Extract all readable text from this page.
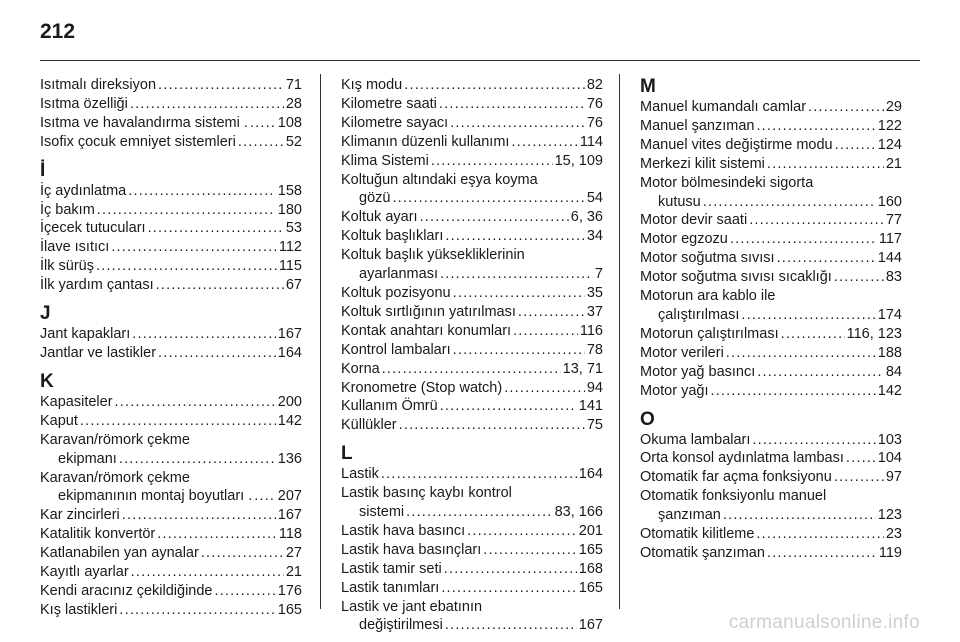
212
Isıtmalı direksiyon .....	71
Isıtma özelliği .....	28
Isıtma ve havalandırma sistemi . ..... 108
Isofix çocuk emniyet sistemleri .....	52
İ
İç aydınlatma .....	158
İç bakım .....	180
İçecek tutucuları .....	53
İlave ısıtıcı .....	112
İlk sürüş .....	115
İlk yardım çantası .....	67
J
Jant kapakları .....	167
Jantlar ve lastikler .....	164
K
Kapasiteler .....	200
Kaput .....	142
Karavan/römork çekme
ekipmanı .....	136
Karavan/römork çekme
ekipmanının montaj boyutları . ..... 207
Kar zincirleri .....	167
Katalitik konvertör .....	118
Katlanabilen yan aynalar .....	27
Kayıtlı ayarlar .....	21
Kendi aracınız çekildiğinde .....	176
Kış lastikleri .....	165
Kış modu .....	82
Kilometre saati .....	76
Kilometre sayacı .....	76
Klimanın düzenli kullanımı .....	114
Klima Sistemi .....	15, 109
Koltuğun altındaki eşya koyma
gözü .....	54
Koltuk ayarı .....	6, 36
Koltuk başlıkları .....	34
Koltuk başlık yüksekliklerinin
ayarlanması .....	7
Koltuk pozisyonu .....	35
Koltuk sırtlığının yatırılması .....	37
Kontak anahtarı konumları .....	116
Kontrol lambaları .....	78
Korna .....	13, 71
Kronometre (Stop watch) .....	94
Kullanım Ömrü .....	141
Küllükler .....	75
L
Lastik .....	164
Lastik basınç kaybı kontrol
sistemi .....	83, 166
Lastik hava basıncı .....	201
Lastik hava basınçları .....	165
Lastik tamir seti .....	168
Lastik tanımları .....	165
Lastik ve jant ebatının
değiştirilmesi .....	167
M
Manuel kumandalı camlar .....	29
Manuel şanzıman .....	122
Manuel vites değiştirme modu .....	124
Merkezi kilit sistemi .....	21
Motor bölmesindeki sigorta
kutusu .....	160
Motor devir saati .....	77
Motor egzozu .....	117
Motor soğutma sıvısı .....	144
Motor soğutma sıvısı sıcaklığı .....	83
Motorun ara kablo ile
çalıştırılması .....	174
Motorun çalıştırılması .....	116, 123
Motor verileri .....	188
Motor yağ basıncı .....	84
Motor yağı .....	142
O
Okuma lambaları .....	103
Orta konsol aydınlatma lambası ..... 104
Otomatik far açma fonksiyonu .....	97
Otomatik fonksiyonlu manuel
şanzıman .....	123
Otomatik kilitleme .....	23
Otomatik şanzıman .....	119
carmanualsonline.info
